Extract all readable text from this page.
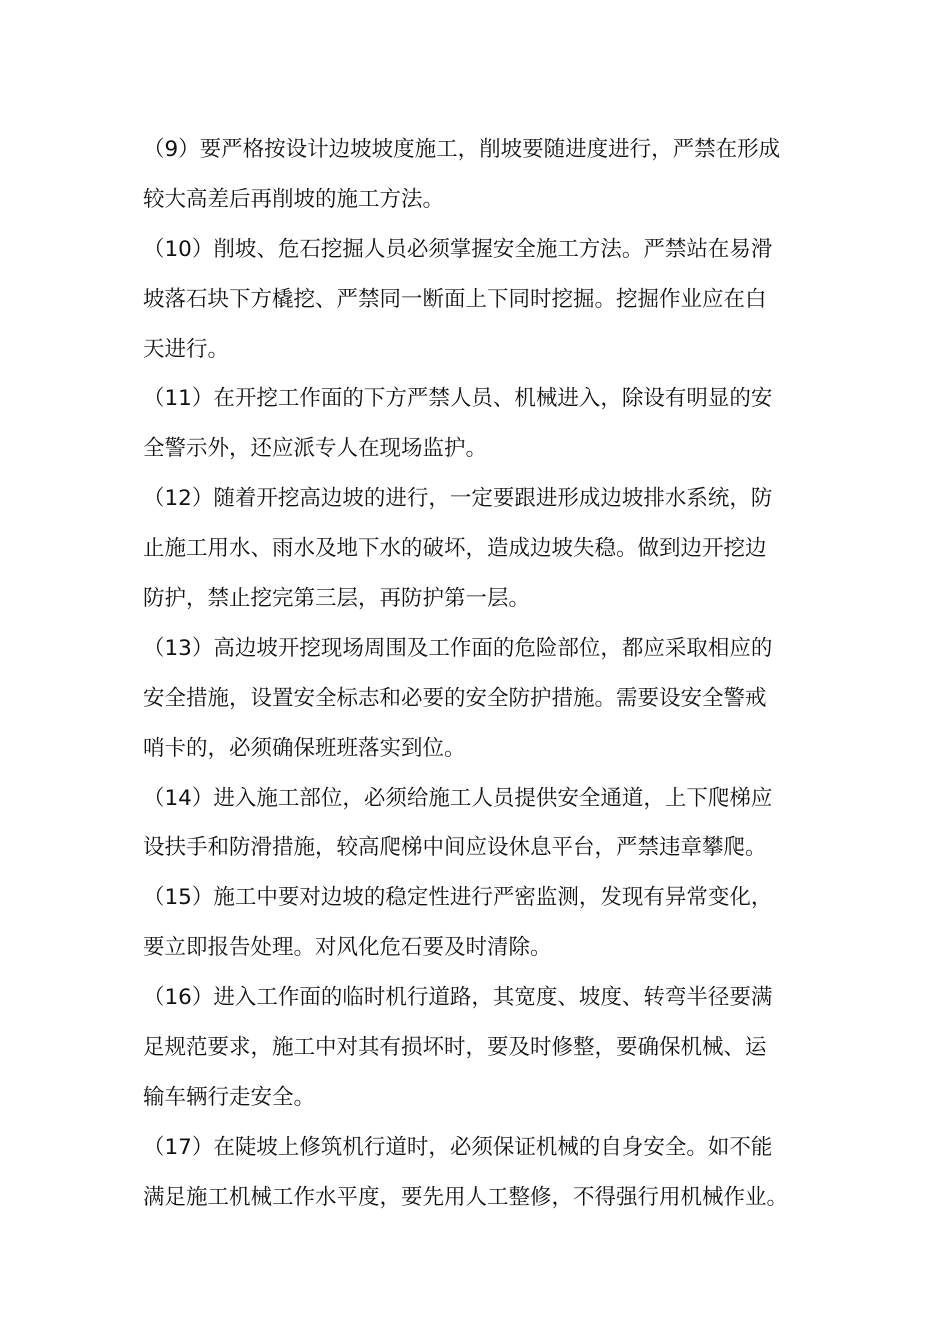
（9）要严格按设计边坡坡度施工，削坡要随进度进行，严禁在形成
较大高差后再削坡的施工方法。
（10）削坡、危石挖掘人员必须掌握安全施工方法。严禁站在易滑
坡落石块下方橇挖、严禁同一断面上下同时挖掘。挖掘作业应在白
天进行。
（11）在开挖工作面的下方严禁人员、机械进入，除设有明显的安
全警示外，还应派专人在现场监护。
（12）随着开挖高边坡的进行，一定要跟进形成边坡排水系统，防
止施工用水、雨水及地下水的破坏，造成边坡失稳。做到边开挖边
防护，禁止挖完第三层，再防护第一层。
（13）高边坡开挖现场周围及工作面的危险部位，都应采取相应的
安全措施，设置安全标志和必要的安全防护措施。需要设安全警戒
哨卡的，必须确保班班落实到位。
（14）进入施工部位，必须给施工人员提供安全通道，上下爬梯应
设扶手和防滑措施，较高爬梯中间应设休息平台，严禁违章攀爬。
（15）施工中要对边坡的稳定性进行严密监测，发现有异常变化，
要立即报告处理。对风化危石要及时清除。
（16）进入工作面的临时机行道路，其宽度、坡度、转弯半径要满
足规范要求，施工中对其有损坏时，要及时修整，要确保机械、运
输车辆行走安全。
（17）在陡坡上修筑机行道时，必须保证机械的自身安全。如不能
满足施工机械工作水平度，要先用人工整修，不得强行用机械作业。
